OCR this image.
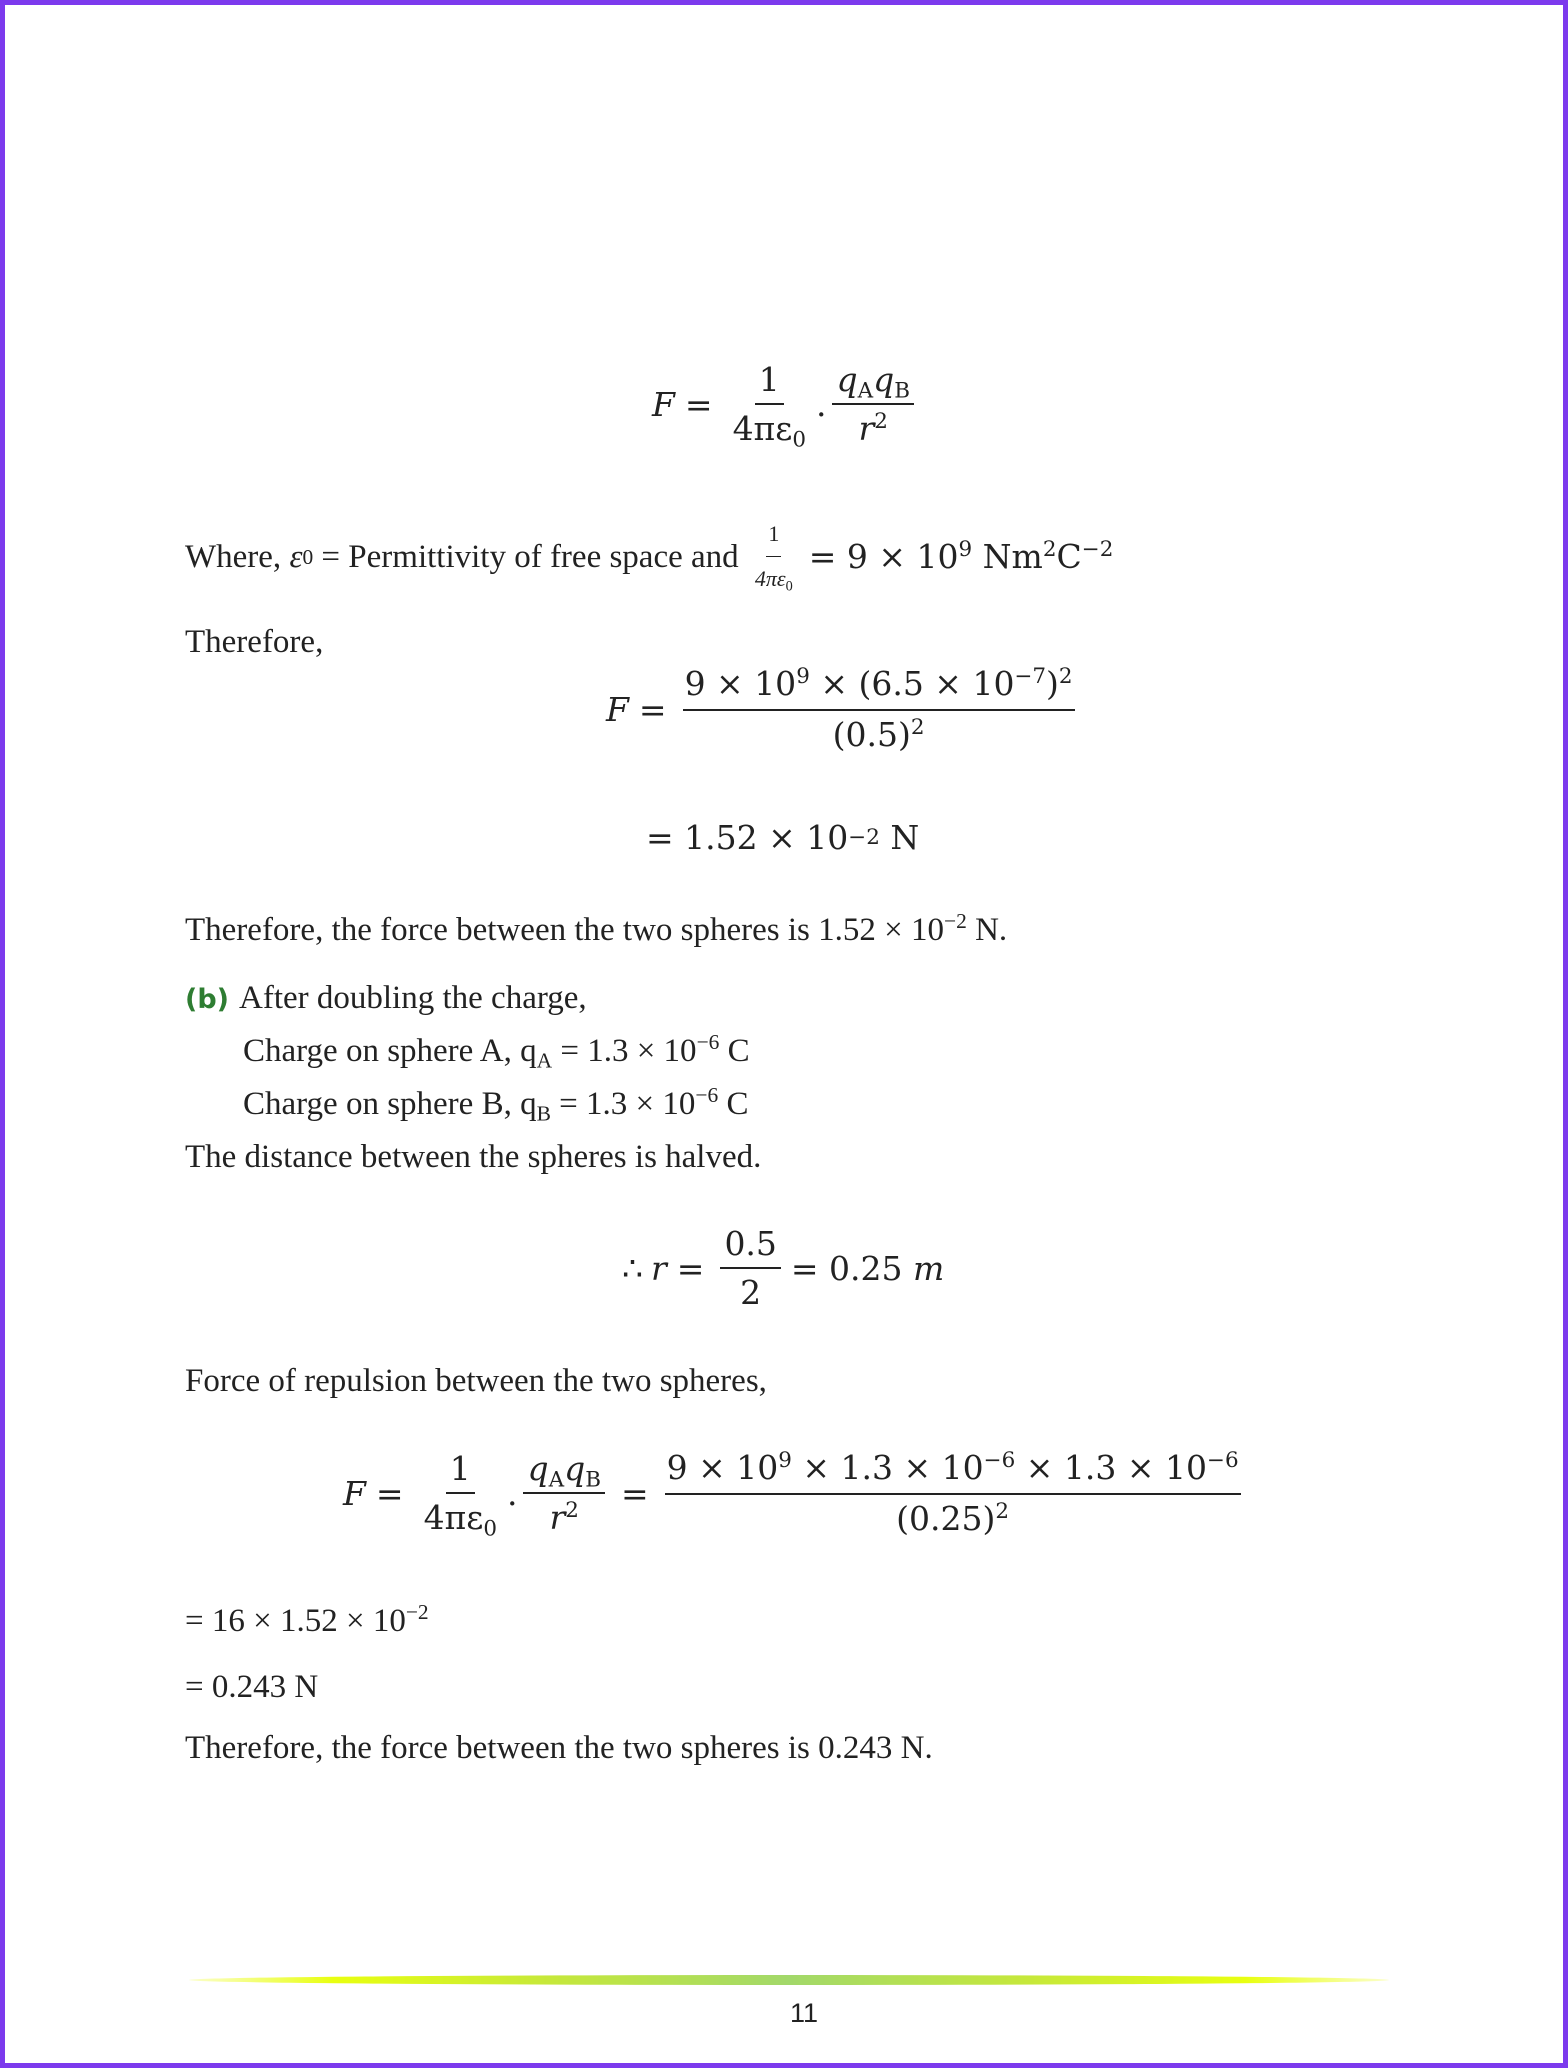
$F = \frac{1}{4\pi\varepsilon_0}$ . $\frac{q_Aq_B}{r^2}$
Where,
ε 0 = Permittivity of free space and $\frac{1}{4\pi\varepsilon_0} = 9 \times 10^9$ $Nm^2C^{-2}$
Therefore,
$F = \frac{9 \times 10^9 \times (6.5 \times 10^{-7})^2}{(0.5)^2}$
= 1.52 × 10 −2 N
Therefore, the force between the two spheres is $1.52 \times 10^{-2}$ N.
(b) After doubling the charge,
Charge on sphere A, $q_A = 1.3 \times 10^{-6}$ C
Charge on sphere B, $q_B = 1.3 \times 10^{-6}$ C
The distance between the spheres is halved.
∴ $r = \frac{0.5}{2} = 0.25$
m
Force of repulsion between the two spheres,
$F = \frac{1}{4\pi\varepsilon_0}$ . $\frac{q_Aq_B}{r^2} = \frac{9 \times 10^9 \times 1.3 \times 10^{-6} \times 1.3 \times 10^{-6}}{(0.25)^2}$
= $16 \times 1.52 \times 10^{-2}$
= 0.243 N
Therefore, the force between the two spheres is 0.243 N.
11
